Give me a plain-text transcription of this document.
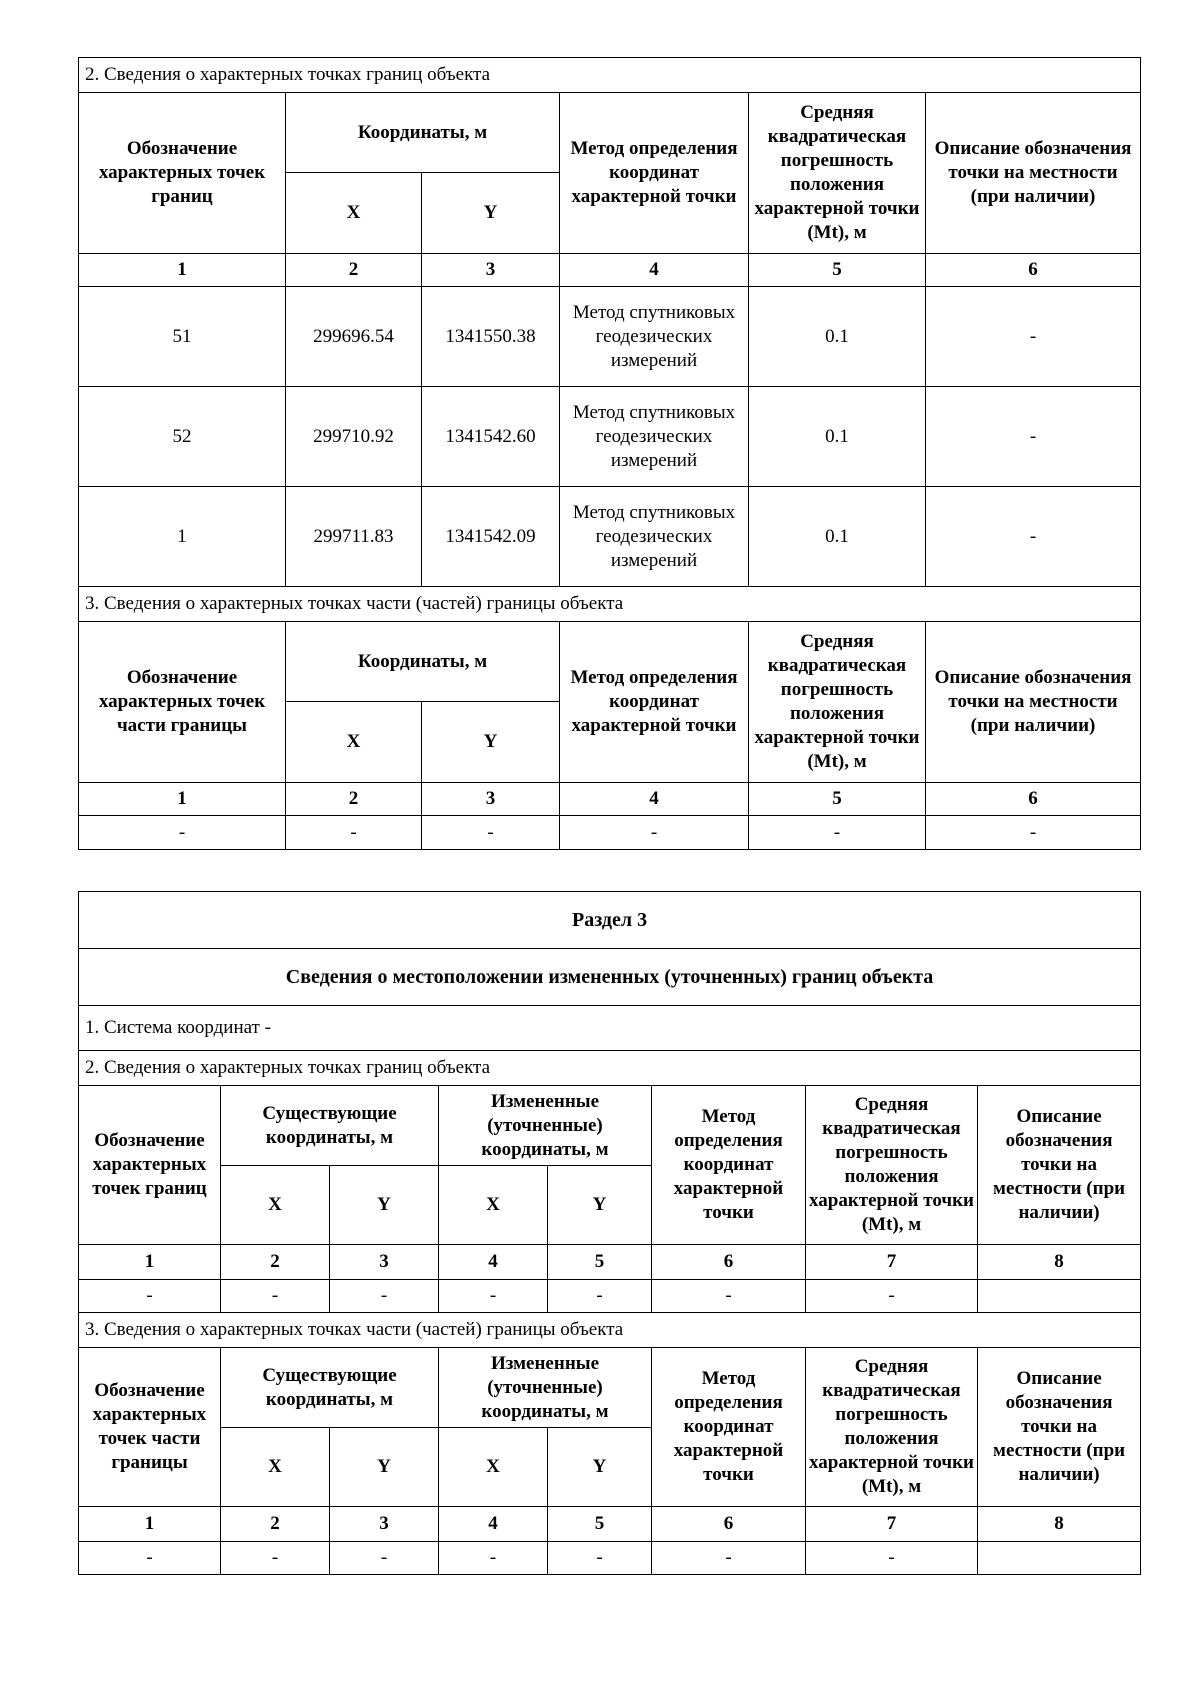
2. Сведения о характерных точках границ объекта					
Обозначение характерных точек границ	Координаты, м		Метод определения координат характерной точки	Средняя квадратическая погрешность положения характерной точки (Mt), м	Описание обозначения точки на местности (при наличии)
	X	Y			
1	2	3	4	5	6
51	299696.54	1341550.38	Метод спутниковых геодезических измерений	0.1	-
52	299710.92	1341542.60	Метод спутниковых геодезических измерений	0.1	-
1	299711.83	1341542.09	Метод спутниковых геодезических измерений	0.1	-
3. Сведения о характерных точках части (частей) границы объекта					
Обозначение характерных точек части границы	Координаты, м		Метод определения координат характерной точки	Средняя квадратическая погрешность положения характерной точки (Mt), м	Описание обозначения точки на местности (при наличии)
	X	Y			
1	2	3	4	5	6
-	-	-	-	-	-
Раздел 3							
Сведения о местоположении измененных (уточненных) границ объекта							
1. Система координат -							
2. Сведения о характерных точках границ объекта							
Обозначение характерных точек границ	Существующие координаты, м		Измененные (уточненные) координаты, м		Метод определения координат характерной точки	Средняя квадратическая погрешность положения характерной точки (Mt), м	Описание обозначения точки на местности (при наличии)
	X	Y	X	Y			
1	2	3	4	5	6	7	8
-	-	-	-	-	-	-	
3. Сведения о характерных точках части (частей) границы объекта							
Обозначение характерных точек части границы	Существующие координаты, м		Измененные (уточненные) координаты, м		Метод определения координат характерной точки	Средняя квадратическая погрешность положения характерной точки (Mt), м	Описание обозначения точки на местности (при наличии)
	X	Y	X	Y			
1	2	3	4	5	6	7	8
-	-	-	-	-	-	-	
